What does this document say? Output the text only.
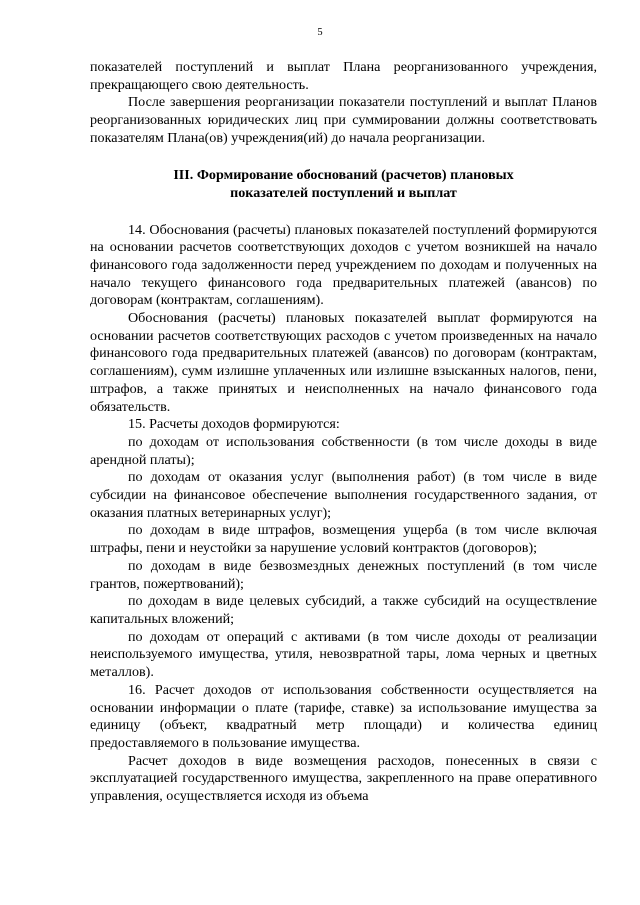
5

показателей поступлений и выплат Плана реорганизованного учреждения, прекращающего свою деятельность.

После завершения реорганизации показатели поступлений и выплат Планов реорганизованных юридических лиц при суммировании должны соответствовать показателям Плана(ов) учреждения(ий) до начала реорганизации.

III. Формирование обоснований (расчетов) плановых
показателей поступлений и выплат

14. Обоснования (расчеты) плановых показателей поступлений формируются на основании расчетов соответствующих доходов с учетом возникшей на начало финансового года задолженности перед учреждением по доходам и полученных на начало текущего финансового года предварительных платежей (авансов) по договорам (контрактам, соглашениям).

Обоснования (расчеты) плановых показателей выплат формируются на основании расчетов соответствующих расходов с учетом произведенных на начало финансового года предварительных платежей (авансов) по договорам (контрактам, соглашениям), сумм излишне уплаченных или излишне взысканных налогов, пени, штрафов, а также принятых и неисполненных на начало финансового года обязательств.

15. Расчеты доходов формируются:

по доходам от использования собственности (в том числе доходы в виде арендной платы);

по доходам от оказания услуг (выполнения работ) (в том числе в виде субсидии на финансовое обеспечение выполнения государственного задания, от оказания платных ветеринарных услуг);

по доходам в виде штрафов, возмещения ущерба (в том числе включая штрафы, пени и неустойки за нарушение условий контрактов (договоров);

по доходам в виде безвозмездных денежных поступлений (в том числе грантов, пожертвований);

по доходам в виде целевых субсидий, а также субсидий на осуществление капитальных вложений;

по доходам от операций с активами (в том числе доходы от реализации неиспользуемого имущества, утиля, невозвратной тары, лома черных и цветных металлов).

16. Расчет доходов от использования собственности осуществляется на основании информации о плате (тарифе, ставке) за использование имущества за единицу (объект, квадратный метр площади) и количества единиц предоставляемого в пользование имущества.

Расчет доходов в виде возмещения расходов, понесенных в связи с эксплуатацией государственного имущества, закрепленного на праве оперативного управления, осуществляется исходя из объема
